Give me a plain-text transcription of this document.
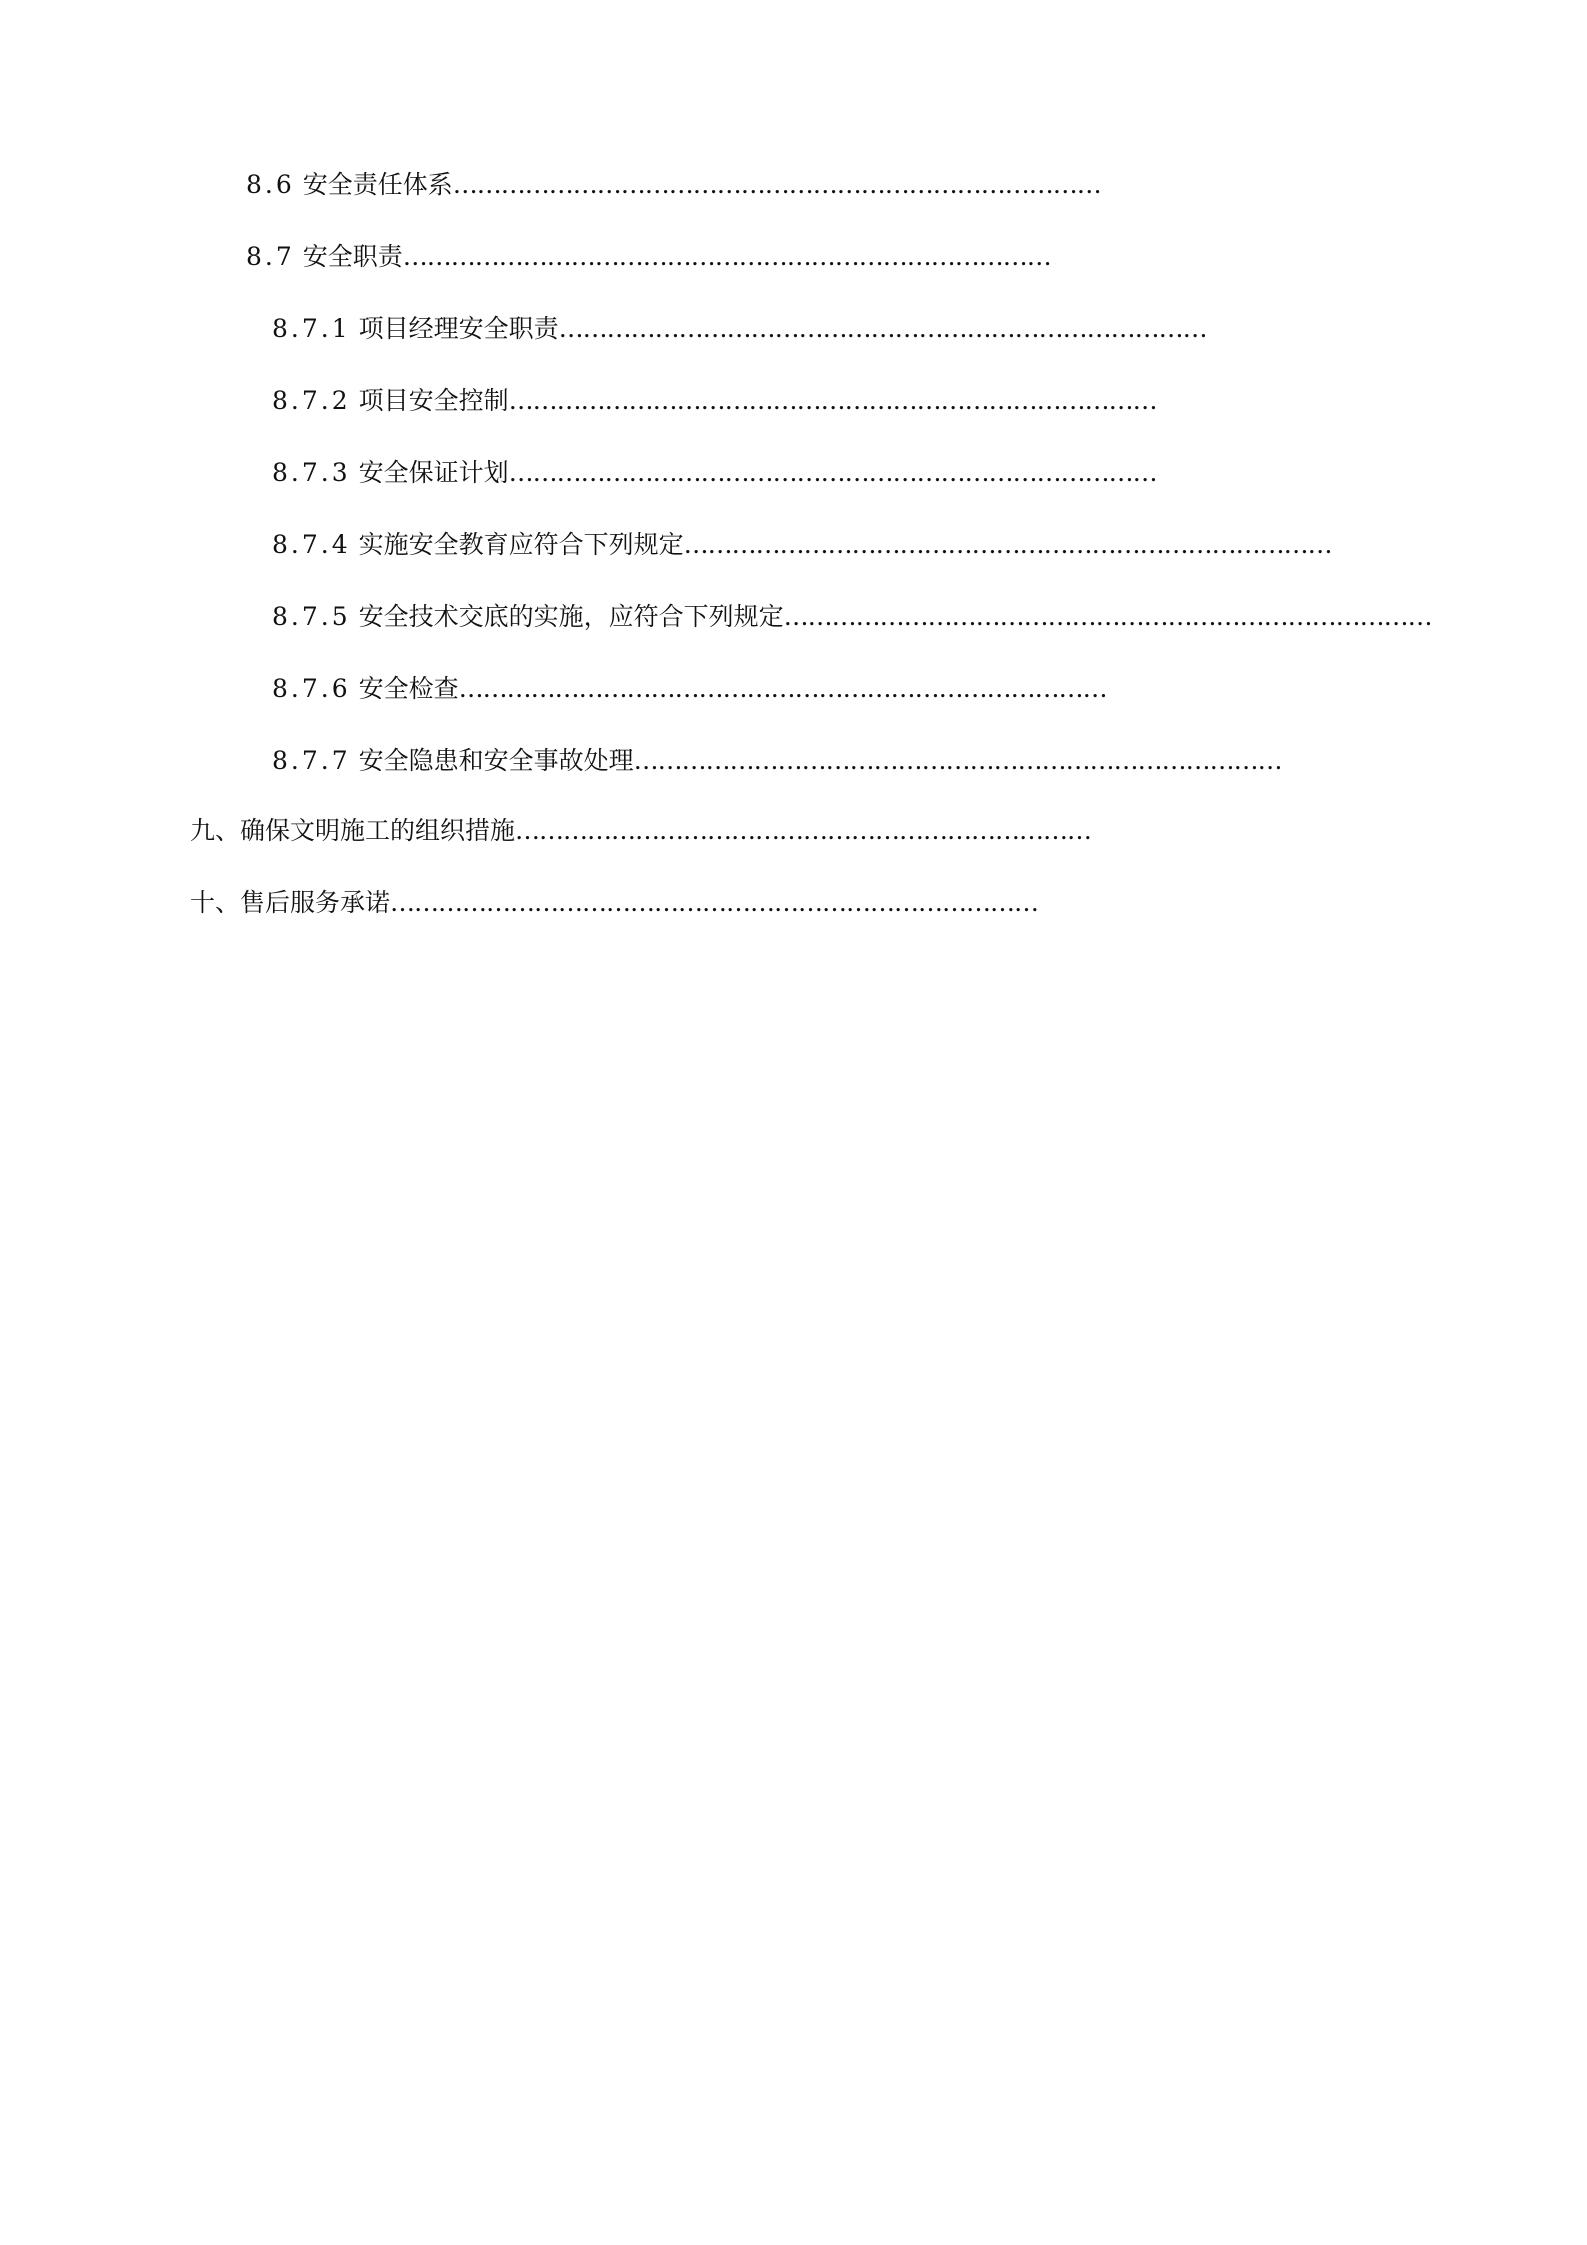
8.6 安全责任体系………………………………………………………………………
8.7 安全职责………………………………………………………………………
8.7.1 项目经理安全职责………………………………………………………………………
8.7.2 项目安全控制………………………………………………………………………
8.7.3 安全保证计划………………………………………………………………………
8.7.4 实施安全教育应符合下列规定………………………………………………………………………
8.7.5 安全技术交底的实施，应符合下列规定………………………………………………………………………
8.7.6 安全检查………………………………………………………………………
8.7.7 安全隐患和安全事故处理………………………………………………………………………
九、确保文明施工的组织措施………………………………………………………………
十、售后服务承诺………………………………………………………………………
